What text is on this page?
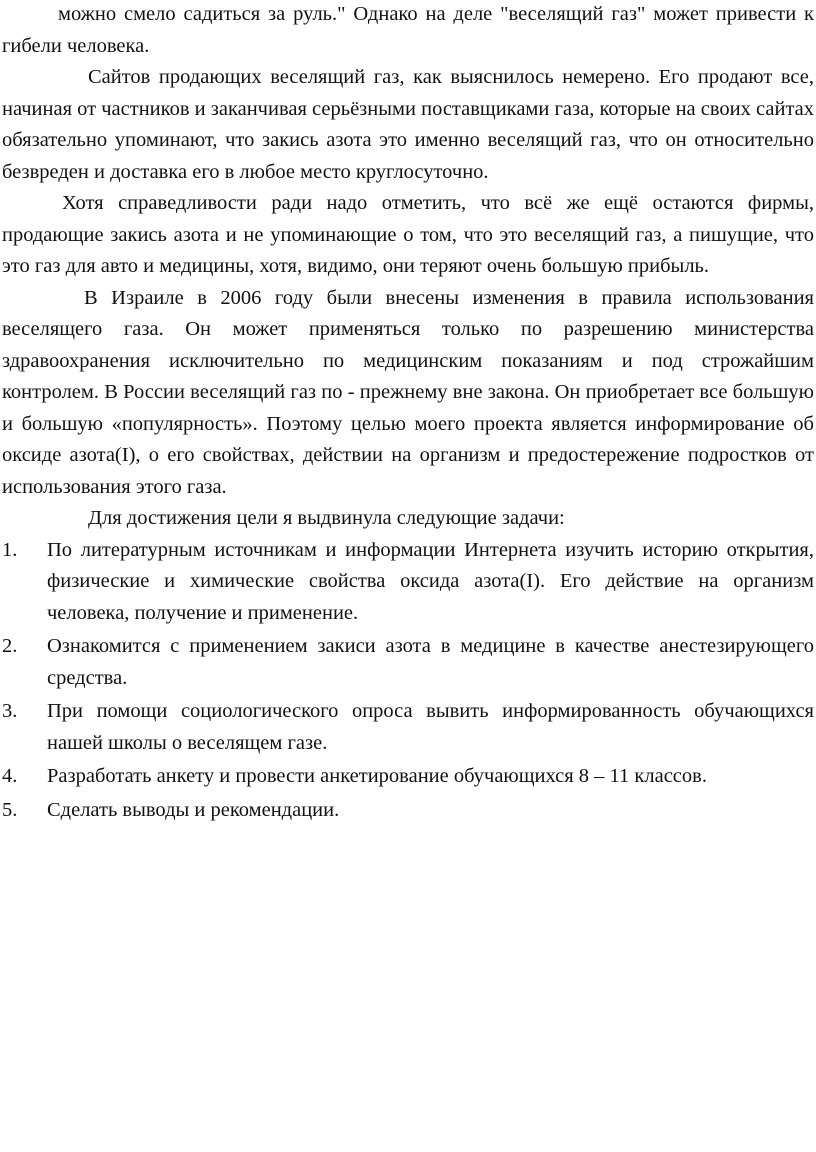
можно смело садиться за руль." Однако на деле "веселящий газ" может привести к гибели человека.

Сайтов продающих веселящий газ, как выяснилось немерено. Его продают все, начиная от частников и заканчивая серьёзными поставщиками газа, которые на своих сайтах обязательно упоминают, что закись азота это именно веселящий газ, что он относительно безвреден и доставка его в любое место круглосуточно.

Хотя справедливости ради надо отметить, что всё же ещё остаются фирмы, продающие закись азота и не упоминающие о том, что это веселящий газ, а пишущие, что это газ для авто и медицины, хотя, видимо, они теряют очень большую прибыль.

В Израиле в 2006 году были внесены изменения в правила использования веселящего газа. Он может применяться только по разрешению министерства здравоохранения исключительно по медицинским показаниям и под строжайшим контролем. В России веселящий газ по - прежнему вне закона. Он приобретает все большую и большую «популярность». Поэтому целью моего проекта является информирование об оксиде азота(I), о его свойствах, действии на организм и предостережение подростков от использования этого газа.

Для достижения цели я выдвинула следующие задачи:

1. По литературным источникам и информации Интернета изучить историю открытия, физические и химические свойства оксида азота(I). Его действие на организм человека, получение и применение.
2. Ознакомится с применением закиси азота в медицине в качестве анестезирующего средства.
3. При помощи социологического опроса вывить информированность обучающихся нашей школы о веселящем газе.
4. Разработать анкету и провести анкетирование обучающихся 8 – 11 классов.
5. Сделать выводы и рекомендации.
